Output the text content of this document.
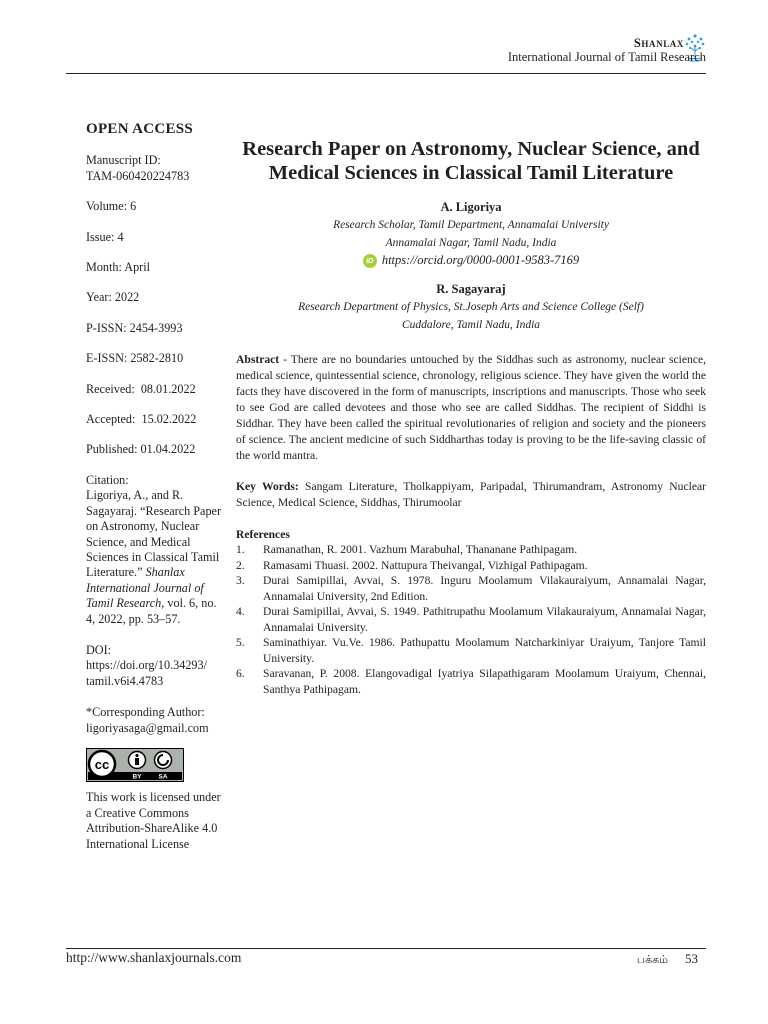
Shanlax
International Journal of Tamil Research
OPEN ACCESS
Manuscript ID:
TAM-060420224783
Volume: 6
Issue: 4
Month: April
Year: 2022
P-ISSN: 2454-3993
E-ISSN: 2582-2810
Received:  08.01.2022
Accepted:  15.02.2022
Published: 01.04.2022
Citation:
Ligoriya, A., and R. Sagayaraj. “Research Paper on Astronomy, Nuclear Science, and Medical Sciences in Classical Tamil Literature.” Shanlax International Journal of Tamil Research, vol. 6, no. 4, 2022, pp. 53–57.
DOI:
https://doi.org/10.34293/
tamil.v6i4.4783
*Corresponding Author:
ligoriyasaga@gmail.com
cc
BY	SA
This work is licensed under a Creative Commons Attribution-ShareAlike 4.0 International License
Research Paper on Astronomy, Nuclear Science, and Medical Sciences in Classical Tamil Literature
A. Ligoriya
Research Scholar, Tamil Department, Annamalai University
Annamalai Nagar, Tamil Nadu, India
iD https://orcid.org/0000-0001-9583-7169
R. Sagayaraj
Research Department of Physics, St.Joseph Arts and Science College (Self)
Cuddalore, Tamil Nadu, India

Abstract - There are no boundaries untouched by the Siddhas such as astronomy, nuclear science, medical science, quintessential science, chronology, religious science. They have given the world the facts they have discovered in the form of manuscripts, inscriptions and manuscripts. Those who seek to see God are called devotees and those who see are called Siddhas. The recipient of Siddhi is Siddhar. They have been called the spiritual revolutionaries of religion and society and the pioneers of science. The ancient medicine of such Siddharthas today is proving to be the life-saving classic of the world mantra.

Key Words: Sangam Literature, Tholkappiyam, Paripadal, Thirumandram, Astronomy Nuclear Science, Medical Science, Siddhas, Thirumoolar

References
1.	Ramanathan, R. 2001. Vazhum Marabuhal, Thananane Pathipagam.
2.	Ramasami Thuasi. 2002. Nattupura Theivangal, Vizhigal Pathipagam.
3.	Durai Samipillai, Avvai, S. 1978. Inguru Moolamum Vilakauraiyum, Annamalai Nagar, Annamalai University, 2nd Edition.
4.	Durai Samipillai, Avvai, S. 1949. Pathitrupathu Moolamum Vilakauraiyum, Annamalai Nagar, Annamalai University.
5.	Saminathiyar. Vu.Ve. 1986. Pathupattu Moolamum Natcharkiniyar Uraiyum, Tanjore Tamil University.
6.	Saravanan, P. 2008. Elangovadigal Iyatriya Silapathigaram Moolamum Uraiyum, Chennai, Santhya Pathipagam.
http://www.shanlaxjournals.com	பக்கம் 53
